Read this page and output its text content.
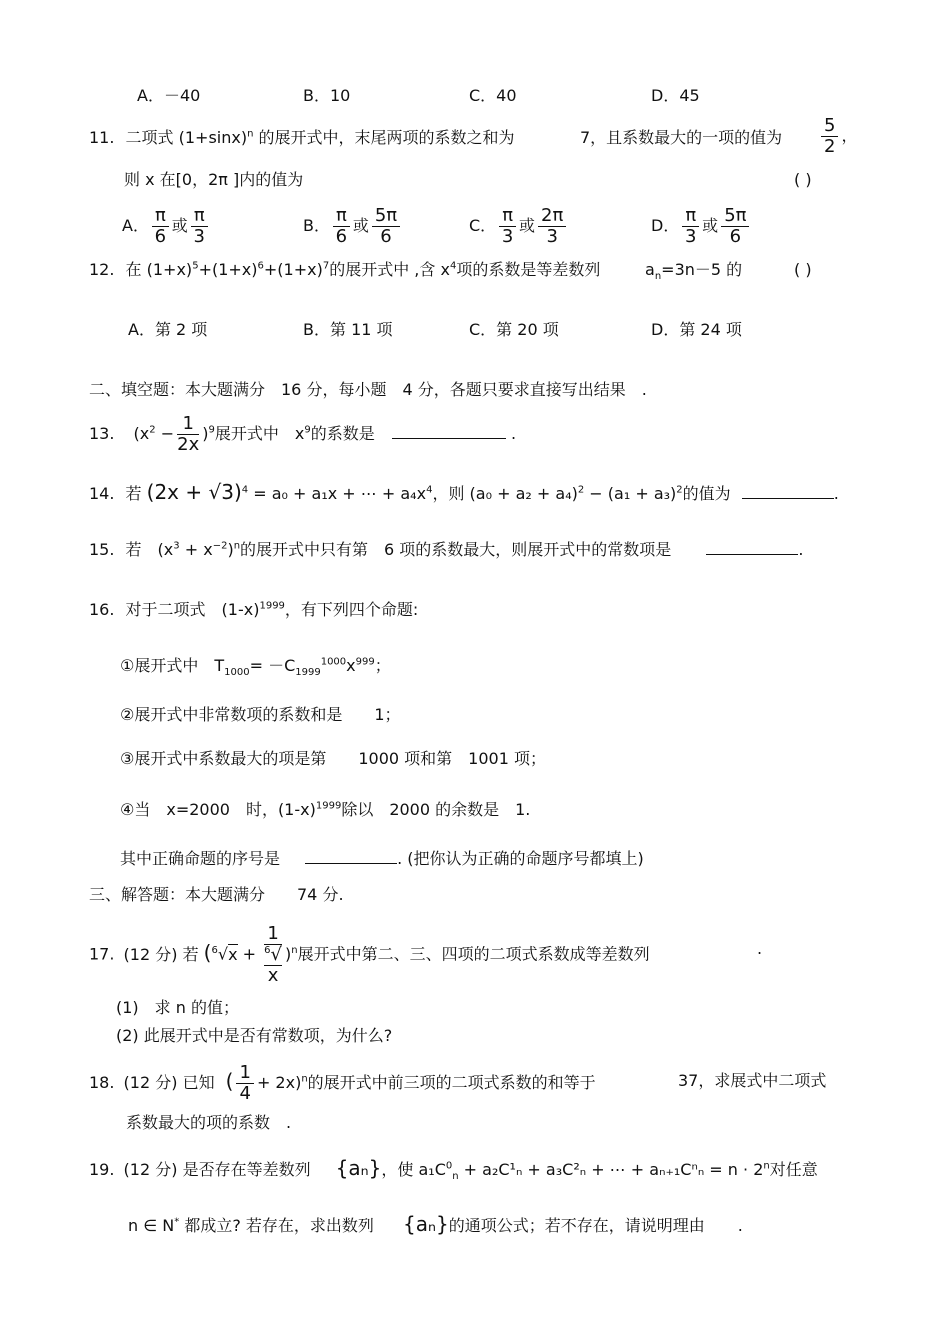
A．－40	B．10	C．40	D．45
11. 二项式 $(1+\sin x)^n$ 的展开式中，末尾两项的系数之和为	7，且系数最大的一项的值为 $\frac{5}{2}$ ，
则 x 在[0，2π ]内的值为	( )
A． $\frac{\pi}{6}$ 或 $\frac{\pi}{3}$	B． $\frac{\pi}{6}$ 或 $\frac{5\pi}{6}$	C． $\frac{\pi}{3}$ 或 $\frac{2\pi}{3}$	D． $\frac{\pi}{3}$ 或 $\frac{5\pi}{6}$
12. 在 $(1+x)^5+(1+x)^6+(1+x)^7$的展开式中 ,含 $x^4$项的系数是等差数列	$a_n=3n-5$ 的	( )
A．第 2 项	B．第 11 项	C．第 20 项	D．第 24 项
二、填空题：本大题满分　16 分，每小题　4 分，各题只要求直接写出结果　.
13. $(x^2 - \frac{1}{2x} )^9$展开式中　$x^9$的系数是	.
14. 若 $(2x + √3)^4 = a_0 + a_1x$ + ⋯ + $a_4x^4$，则 $(a_0 + a_2 + a_4)^2 - (a_1 + a_3)^2$的值为	.
15. 若　$(x^3 + x^{-2})^n$的展开式中只有第　6 项的系数最大，则展开式中的常数项是	.
16. 对于二项式　$(1-x)^{1999}$，有下列四个命题:
①展开式中　$T_{1000}= -C_{1999}^{1000}x^{999}$；
②展开式中非常数项的系数和是　　1；
③展开式中系数最大的项是第　　1000 项和第　1001 项；
④当　x=2000　时，$(1-x)^{1999}$除以　2000 的余数是　1.
其中正确命题的序号是	. (把你认为正确的命题序号都填上)
三、解答题：本大题满分　　74 分.
17. (12 分) 若 ($^6$√x + 1
$^6$√
x )$^n$展开式中第二、三、四项的二项式系数成等差数列	.
(1)　求 n 的值；
(2) 此展开式中是否有常数项，为什么?
18. (12 分) 已知 ( $\frac{1}{4} + 2x)^n$的展开式中前三项的二项式系数的和等于	37，求展式中二项式
系数最大的项的系数　.
19. (12 分) 是否存在等差数列 {aₙ}，使 $a_1C^0_n + a_2C^1_n + a_3C^2_n$ + ⋯ + $a_{n+1}C^n_n = n \cdot 2^n$对任意
n ∈ N* 都成立? 若存在，求出数列 {aₙ}的通项公式；若不存在，请说明理由 .
